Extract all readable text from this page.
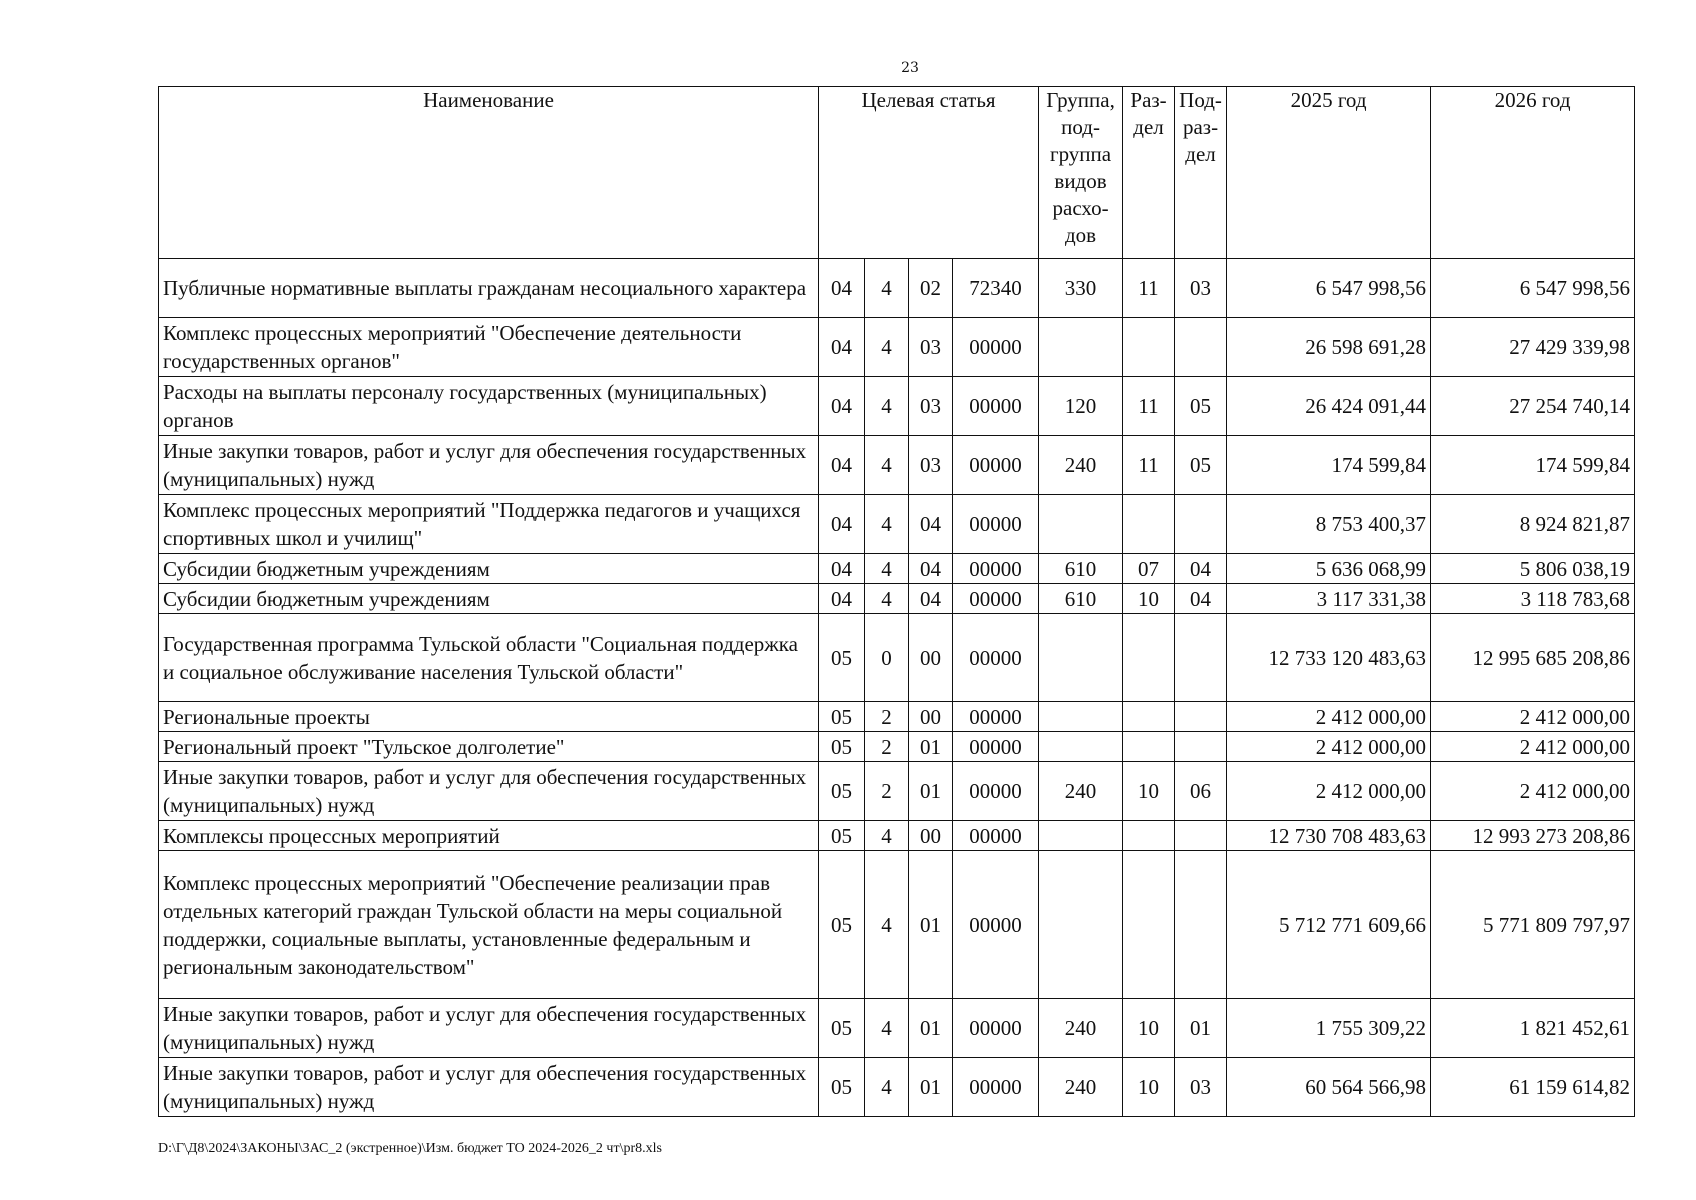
23
Наименование	Целевая статья				Группа, под- группа видов расхо- дов	Раз- дел	Под- раз- дел	2025 год	2026 год
Публичные нормативные выплаты гражданам несоциального характера	04	4	02	72340	330	11	03	6 547 998,56	6 547 998,56
Комплекс процессных мероприятий "Обеспечение деятельности государственных органов"	04	4	03	00000				26 598 691,28	27 429 339,98
Расходы на выплаты персоналу государственных (муниципальных) органов	04	4	03	00000	120	11	05	26 424 091,44	27 254 740,14
Иные закупки товаров, работ и услуг для обеспечения государственных (муниципальных) нужд	04	4	03	00000	240	11	05	174 599,84	174 599,84
Комплекс процессных мероприятий "Поддержка педагогов и учащихся спортивных школ и училищ"	04	4	04	00000				8 753 400,37	8 924 821,87
Субсидии бюджетным учреждениям	04	4	04	00000	610	07	04	5 636 068,99	5 806 038,19
Субсидии бюджетным учреждениям	04	4	04	00000	610	10	04	3 117 331,38	3 118 783,68
Государственная программа Тульской области "Социальная поддержка и социальное обслуживание населения Тульской области"	05	0	00	00000				12 733 120 483,63	12 995 685 208,86
Региональные проекты	05	2	00	00000				2 412 000,00	2 412 000,00
Региональный проект "Тульское долголетие"	05	2	01	00000				2 412 000,00	2 412 000,00
Иные закупки товаров, работ и услуг для обеспечения государственных (муниципальных) нужд	05	2	01	00000	240	10	06	2 412 000,00	2 412 000,00
Комплексы процессных мероприятий	05	4	00	00000				12 730 708 483,63	12 993 273 208,86
Комплекс процессных мероприятий "Обеспечение реализации прав отдельных категорий граждан Тульской области на меры социальной поддержки, социальные выплаты, установленные федеральным и региональным законодательством"	05	4	01	00000				5 712 771 609,66	5 771 809 797,97
Иные закупки товаров, работ и услуг для обеспечения государственных (муниципальных) нужд	05	4	01	00000	240	10	01	1 755 309,22	1 821 452,61
Иные закупки товаров, работ и услуг для обеспечения государственных (муниципальных) нужд	05	4	01	00000	240	10	03	60 564 566,98	61 159 614,82
D:\Г\Д8\2024\ЗАКОНЫ\ЗАС_2 (экстренное)\Изм. бюджет ТО 2024-2026_2 чт\pr8.xls
